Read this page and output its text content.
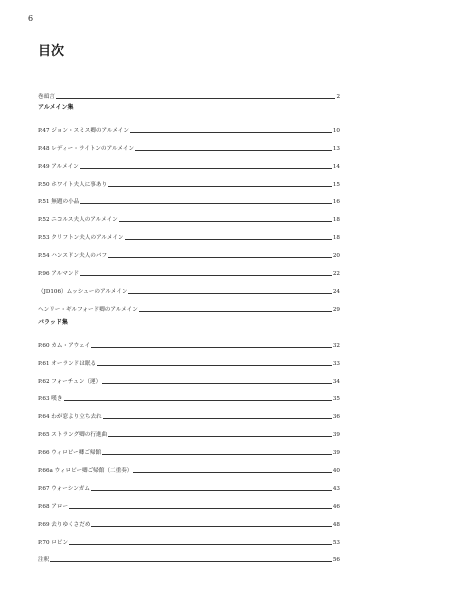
6
目次
巻頭言	2
アルメイン集
P.47 ジョン・スミス卿のアルメイン	10
P.48 レディー・ライトンのアルメイン	13
P.49 アルメイン	14
P.50 ホワイト夫人に事あり	15
P.51 無題の小品	16
P.52 ニコルス夫人のアルメイン	18
P.53 クリフトン夫人のアルメイン	18
P.54 ハンスドン夫人のパフ	20
P.96 アルマンド	22
（JD106）ムッシューのアルメイン	24
ヘンリー・ギルフォード卿のアルメイン	29
バラッド集
P.60 カム・アウェイ	32
P.61 オーランドは眠る	33
P.62 フォーチュン（運）	34
P.63 嘆き	35
P.64 わが窓より立ち去れ	36
P.65 ストラング卿の行進曲	39
P.66 ウィロビー卿ご帰館	39
P.66a ウィロビー卿ご帰館（二重奏）	40
P.67 ウォーシンガム	43
P.68 アロー	46
P.69 去りゆくさだめ	48
P.70 ロビン	53
注釈	56
